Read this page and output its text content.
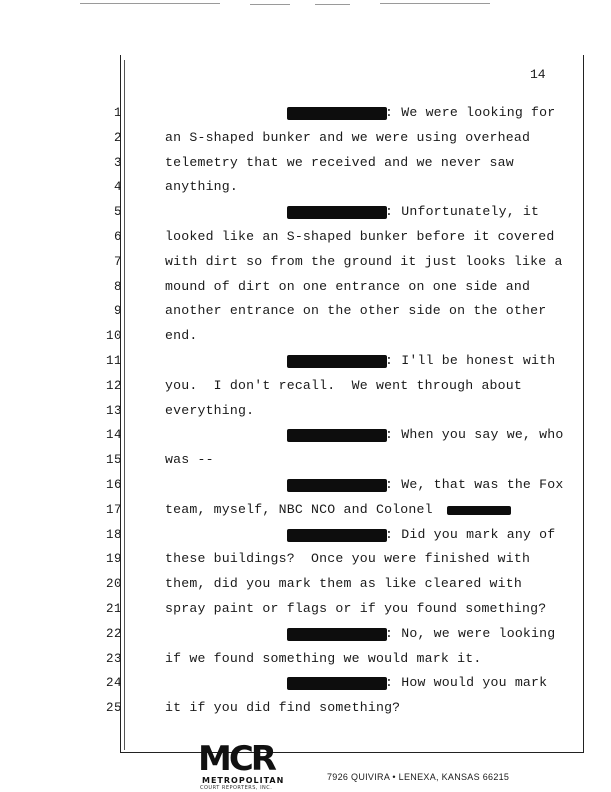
14
1	: We were looking for
2	an S-shaped bunker and we were using overhead
3	telemetry that we received and we never saw
4	anything.
5	: Unfortunately, it
6	looked like an S-shaped bunker before it covered
7	with dirt so from the ground it just looks like a
8	mound of dirt on one entrance on one side and
9	another entrance on the other side on the other
10	end.
11	: I'll be honest with
12	you.  I don't recall.  We went through about
13	everything.
14	: When you say we, who
15	was --
16	: We, that was the Fox
17	team, myself, NBC NCO and Colonel
18	: Did you mark any of
19	these buildings?  Once you were finished with
20	them, did you mark them as like cleared with
21	spray paint or flags or if you found something?
22	: No, we were looking
23	if we found something we would mark it.
24	: How would you mark
25	it if you did find something?
MCR
METROPOLITAN
COURT REPORTERS, INC.
7926 QUIVIRA • LENEXA, KANSAS 66215
